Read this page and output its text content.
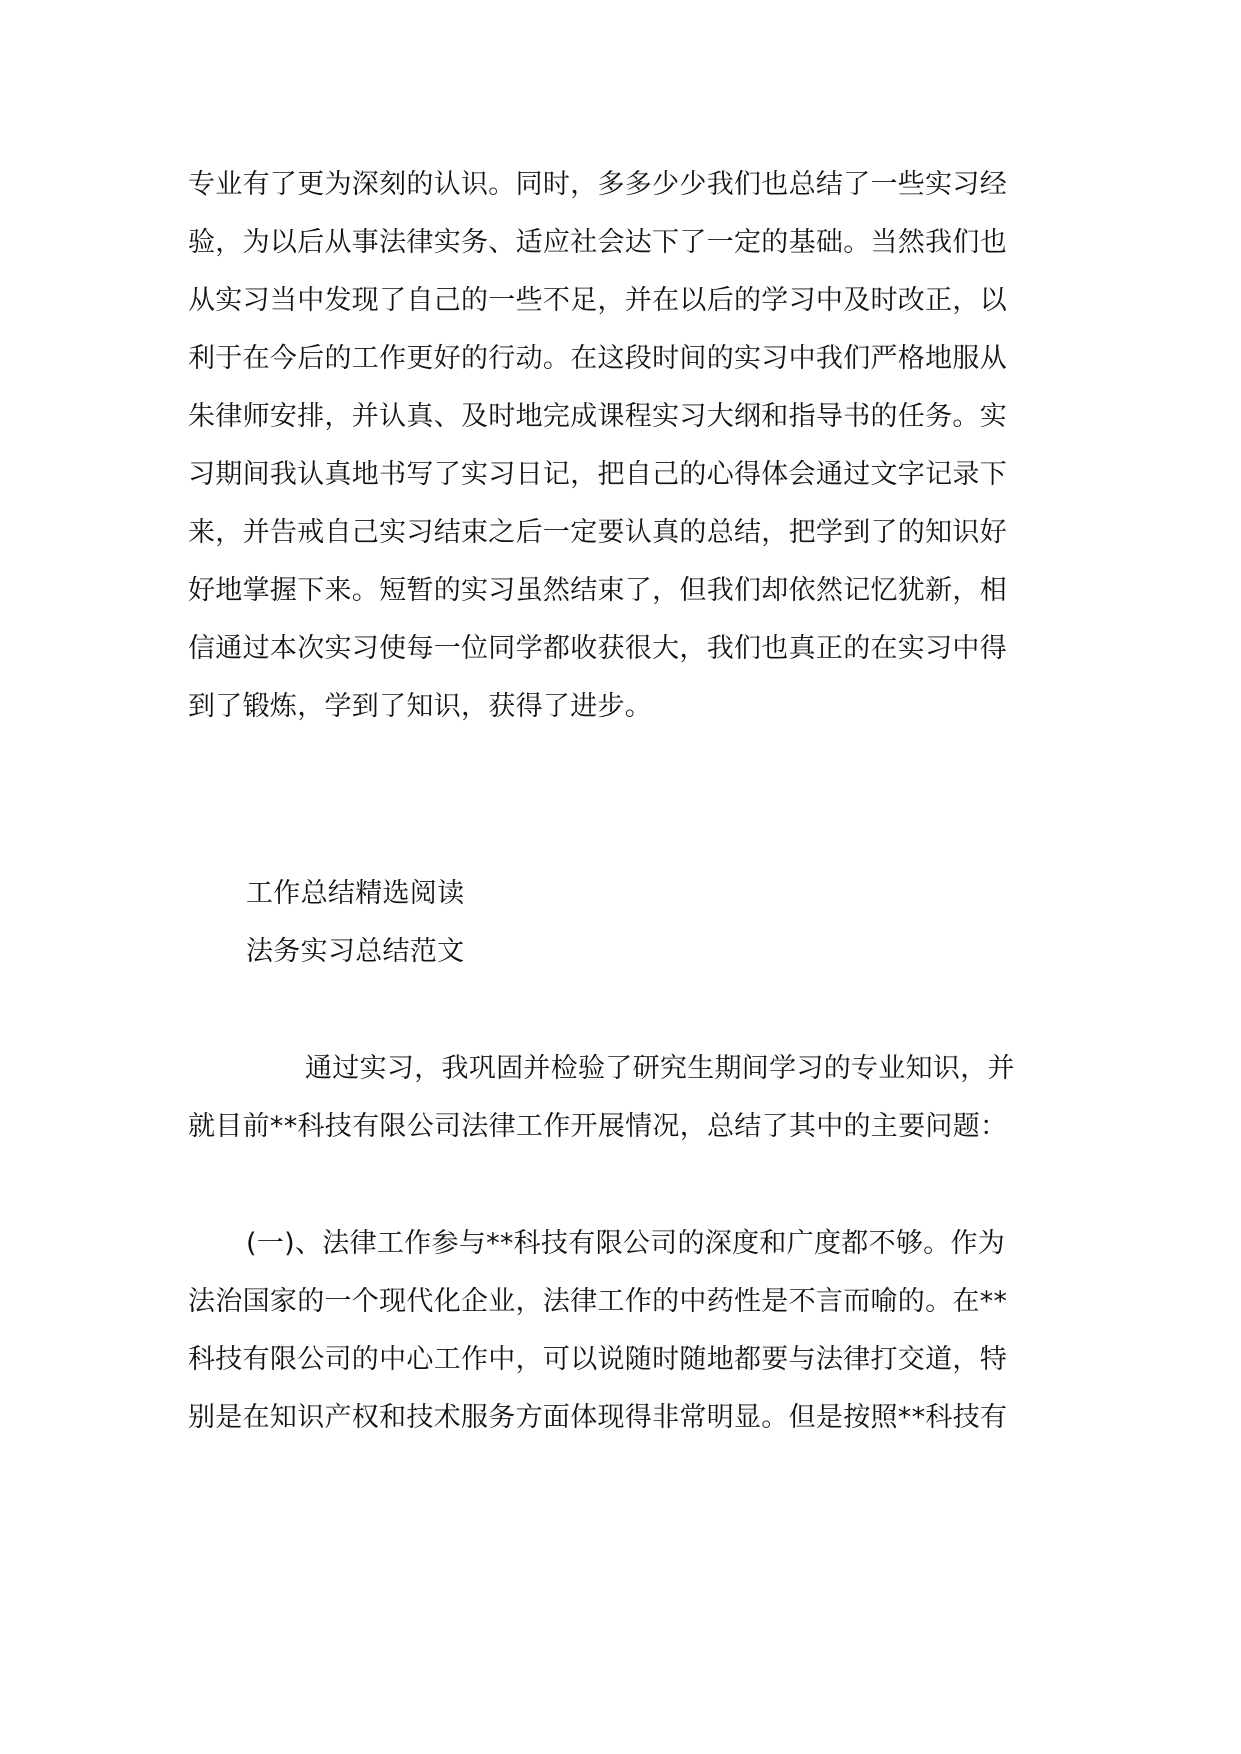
专业有了更为深刻的认识。同时，多多少少我们也总结了一些实习经
验，为以后从事法律实务、适应社会达下了一定的基础。当然我们也
从实习当中发现了自己的一些不足，并在以后的学习中及时改正，以
利于在今后的工作更好的行动。在这段时间的实习中我们严格地服从
朱律师安排，并认真、及时地完成课程实习大纲和指导书的任务。实
习期间我认真地书写了实习日记，把自己的心得体会通过文字记录下
来，并告戒自己实习结束之后一定要认真的总结，把学到了的知识好
好地掌握下来。短暂的实习虽然结束了，但我们却依然记忆犹新，相
信通过本次实习使每一位同学都收获很大，我们也真正的在实习中得
到了锻炼，学到了知识，获得了进步。
工作总结精选阅读
法务实习总结范文
通过实习，我巩固并检验了研究生期间学习的专业知识，并
就目前**科技有限公司法律工作开展情况，总结了其中的主要问题：
(一)、法律工作参与**科技有限公司的深度和广度都不够。作为
法治国家的一个现代化企业，法律工作的中药性是不言而喻的。在**
科技有限公司的中心工作中，可以说随时随地都要与法律打交道，特
别是在知识产权和技术服务方面体现得非常明显。但是按照**科技有
